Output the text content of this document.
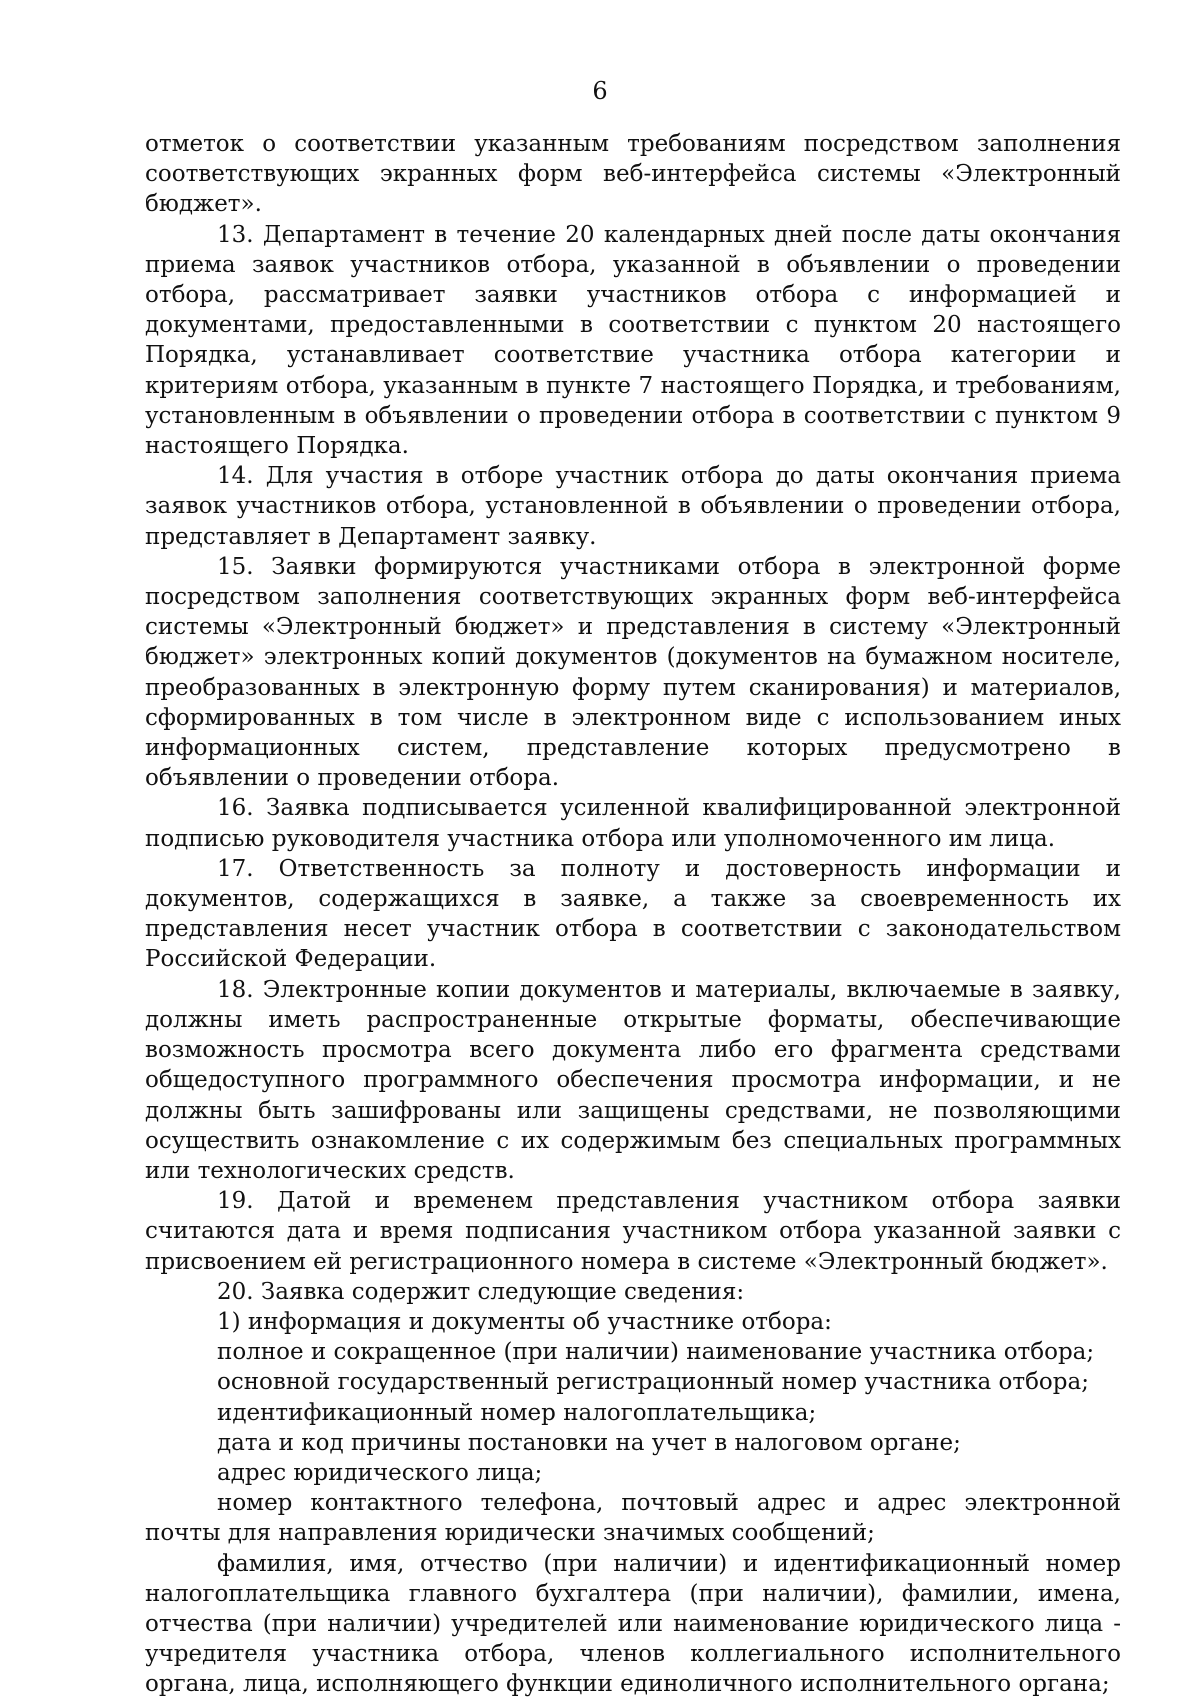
6

отметок о соответствии указанным требованиям посредством заполнения соответствующих экранных форм веб-интерфейса системы «Электронный бюджет».

13. Департамент в течение 20 календарных дней после даты окончания приема заявок участников отбора, указанной в объявлении о проведении отбора, рассматривает заявки участников отбора с информацией и документами, предоставленными в соответствии с пунктом 20 настоящего Порядка, устанавливает соответствие участника отбора категории и критериям отбора, указанным в пункте 7 настоящего Порядка, и требованиям, установленным в объявлении о проведении отбора в соответствии с пунктом 9 настоящего Порядка.

14. Для участия в отборе участник отбора до даты окончания приема заявок участников отбора, установленной в объявлении о проведении отбора, представляет в Департамент заявку.

15. Заявки формируются участниками отбора в электронной форме посредством заполнения соответствующих экранных форм веб-интерфейса системы «Электронный бюджет» и представления в систему «Электронный бюджет» электронных копий документов (документов на бумажном носителе, преобразованных в электронную форму путем сканирования) и материалов, сформированных в том числе в электронном виде с использованием иных информационных систем, представление которых предусмотрено в объявлении о проведении отбора.

16. Заявка подписывается усиленной квалифицированной электронной подписью руководителя участника отбора или уполномоченного им лица.

17. Ответственность за полноту и достоверность информации и документов, содержащихся в заявке, а также за своевременность их представления несет участник отбора в соответствии с законодательством Российской Федерации.

18. Электронные копии документов и материалы, включаемые в заявку, должны иметь распространенные открытые форматы, обеспечивающие возможность просмотра всего документа либо его фрагмента средствами общедоступного программного обеспечения просмотра информации, и не должны быть зашифрованы или защищены средствами, не позволяющими осуществить ознакомление с их содержимым без специальных программных или технологических средств.

19. Датой и временем представления участником отбора заявки считаются дата и время подписания участником отбора указанной заявки с присвоением ей регистрационного номера в системе «Электронный бюджет».

20. Заявка содержит следующие сведения:

1) информация и документы об участнике отбора:

полное и сокращенное (при наличии) наименование участника отбора;

основной государственный регистрационный номер участника отбора;

идентификационный номер налогоплательщика;

дата и код причины постановки на учет в налоговом органе;

адрес юридического лица;

номер контактного телефона, почтовый адрес и адрес электронной почты для направления юридически значимых сообщений;

фамилия, имя, отчество (при наличии) и идентификационный номер налогоплательщика главного бухгалтера (при наличии), фамилии, имена, отчества (при наличии) учредителей или наименование юридического лица - учредителя участника отбора, членов коллегиального исполнительного органа, лица, исполняющего функции единоличного исполнительного органа;
